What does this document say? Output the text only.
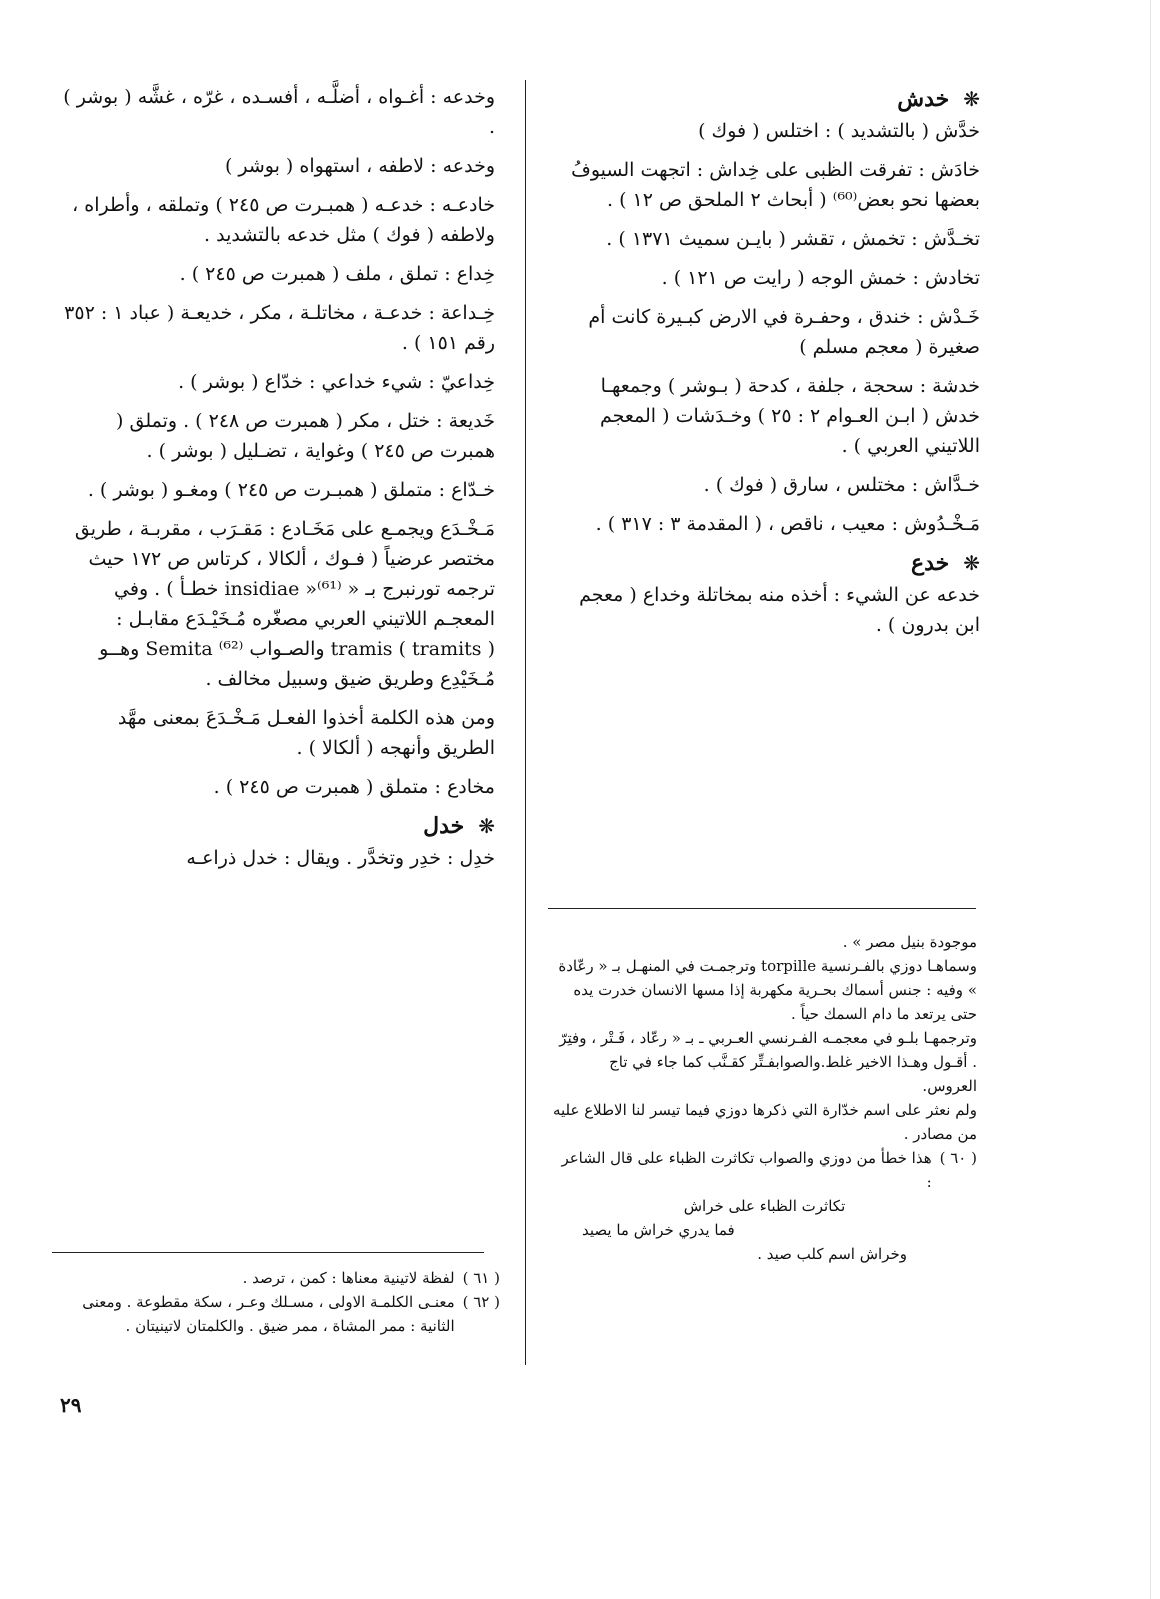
❋
خدش

خدَّش ( بالتشديد ) : اختلس ( فوك )

خادَش : تفرقت الظبى على خِداش : اتجهت السيوفُ بعضها نحو بعض⁽⁶⁰⁾ ( أبحاث ٢ الملحق ص ١٢ ) .

تخـدَّش : تخمش ، تقشر ( بايـن سميث ١٣٧١ ) .

تخادش : خمش الوجه ( رايت ص ١٢١ ) .

خَـدْش : خندق ، وحفـرة في الارض كبـيرة كانت أم صغيرة ( معجم مسلم )

خدشة : سحجة ، جلفة ، كدحة ( بـوشر ) وجمعهـا خدش ( ابـن العـوام ٢ : ٢٥ ) وخـدَشات ( المعجم اللاتيني العربي ) .

خـدَّاش : مختلس ، سارق ( فوك ) .

مَـخْـدُوش : معيب ، ناقص ، ( المقدمة ٣ : ٣١٧ ) .

❋
خدع

خدعه عن الشيء : أخذه منه بمخاتلة وخداع ( معجم ابن بدرون ) .

موجودة بنيل مصر » .

وسماهـا دوزي بالفـرنسية torpille وترجمـت في المنهـل بـ « رعّادة » وفيه : جنس أسماك بحـرية مكهربة إذا مسها الانسان خدرت يده حتى يرتعد ما دام السمك حياً .

وترجمهـا بلـو في معجمـه الفـرنسي العـربي ـ بـ « رعّاد ، فَـتْر ، وفتِرّ . أقـول وهـذا الاخير غلط.والصوابفـتِّر كقـنَّب كما جاء في تاج العروس.

ولم نعثر على اسم خدّارة التي ذكرها دوزي فيما تيسر لنا الاطلاع عليه من مصادر .

( ٦٠ )
هذا خطأ من دوزي والصواب تكاثرت الظباء على قال الشاعر :

تكاثرت الظباء على خراش

فما يدري خراش ما يصيد

وخراش اسم كلب صيد .

وخدعه : أغـواه ، أضلَّـه ، أفسـده ، غرّه ، غشَّه ( بوشر ) .

وخدعه : لاطفه ، استهواه ( بوشر )

خادعـه : خدعـه ( همبـرت ص ٢٤٥ ) وتملقه ، وأطراه ، ولاطفه ( فوك ) مثل خدعه بالتشديد .

خِداع : تملق ، ملف ( همبرت ص ٢٤٥ ) .

خِـداعة : خدعـة ، مخاتلـة ، مكر ، خديعـة ( عباد ١ : ٣٥٢ رقم ١٥١ ) .

خِداعيّ : شيء خداعي : خدّاع ( بوشر ) .

خَديعة : ختل ، مكر ( همبرت ص ٢٤٨ ) . وتملق ( همبرت ص ٢٤٥ ) وغواية ، تضـليل ( بوشر ) .

خـدّاع : متملق ( همبـرت ص ٢٤٥ ) ومغـو ( بوشر ) .

مَـخْـدَع ويجمـع على مَخَـادع : مَقـرَب ، مقربـة ، طريق مختصر عرضياً ( فـوك ، ألكالا ، كرتاس ص ١٧٢ حيث ترجمه تورنبرج بـ « insidiae »⁽⁶¹⁾ خطـأ ) . وفي المعجـم اللاتيني العربي مصغّره مُـخَيْـدَع مقابـل : tramis ( tramits ) والصـواب Semita ⁽⁶²⁾ وهــو مُـخَيْدِع وطريق ضيق وسبيل مخالف .

ومن هذه الكلمة أخذوا الفعـل مَـخْـدَعَ بمعنى مهَّد الطريق وأنهجه ( ألكالا ) .

مخادع : متملق ( همبرت ص ٢٤٥ ) .

❋
خدل

خدِل : خدِر وتخدَّر . ويقال : خدل ذراعـه

( ٦١ )
لفظة لاتينية معناها : كمن ، ترصد .
( ٦٢ )
معنـى الكلمـة الاولى ، مسـلك وعـر ، سكة مقطوعة . ومعنى الثانية : ممر المشاة ، ممر ضيق . والكلمتان لاتينيتان .
٢٩
